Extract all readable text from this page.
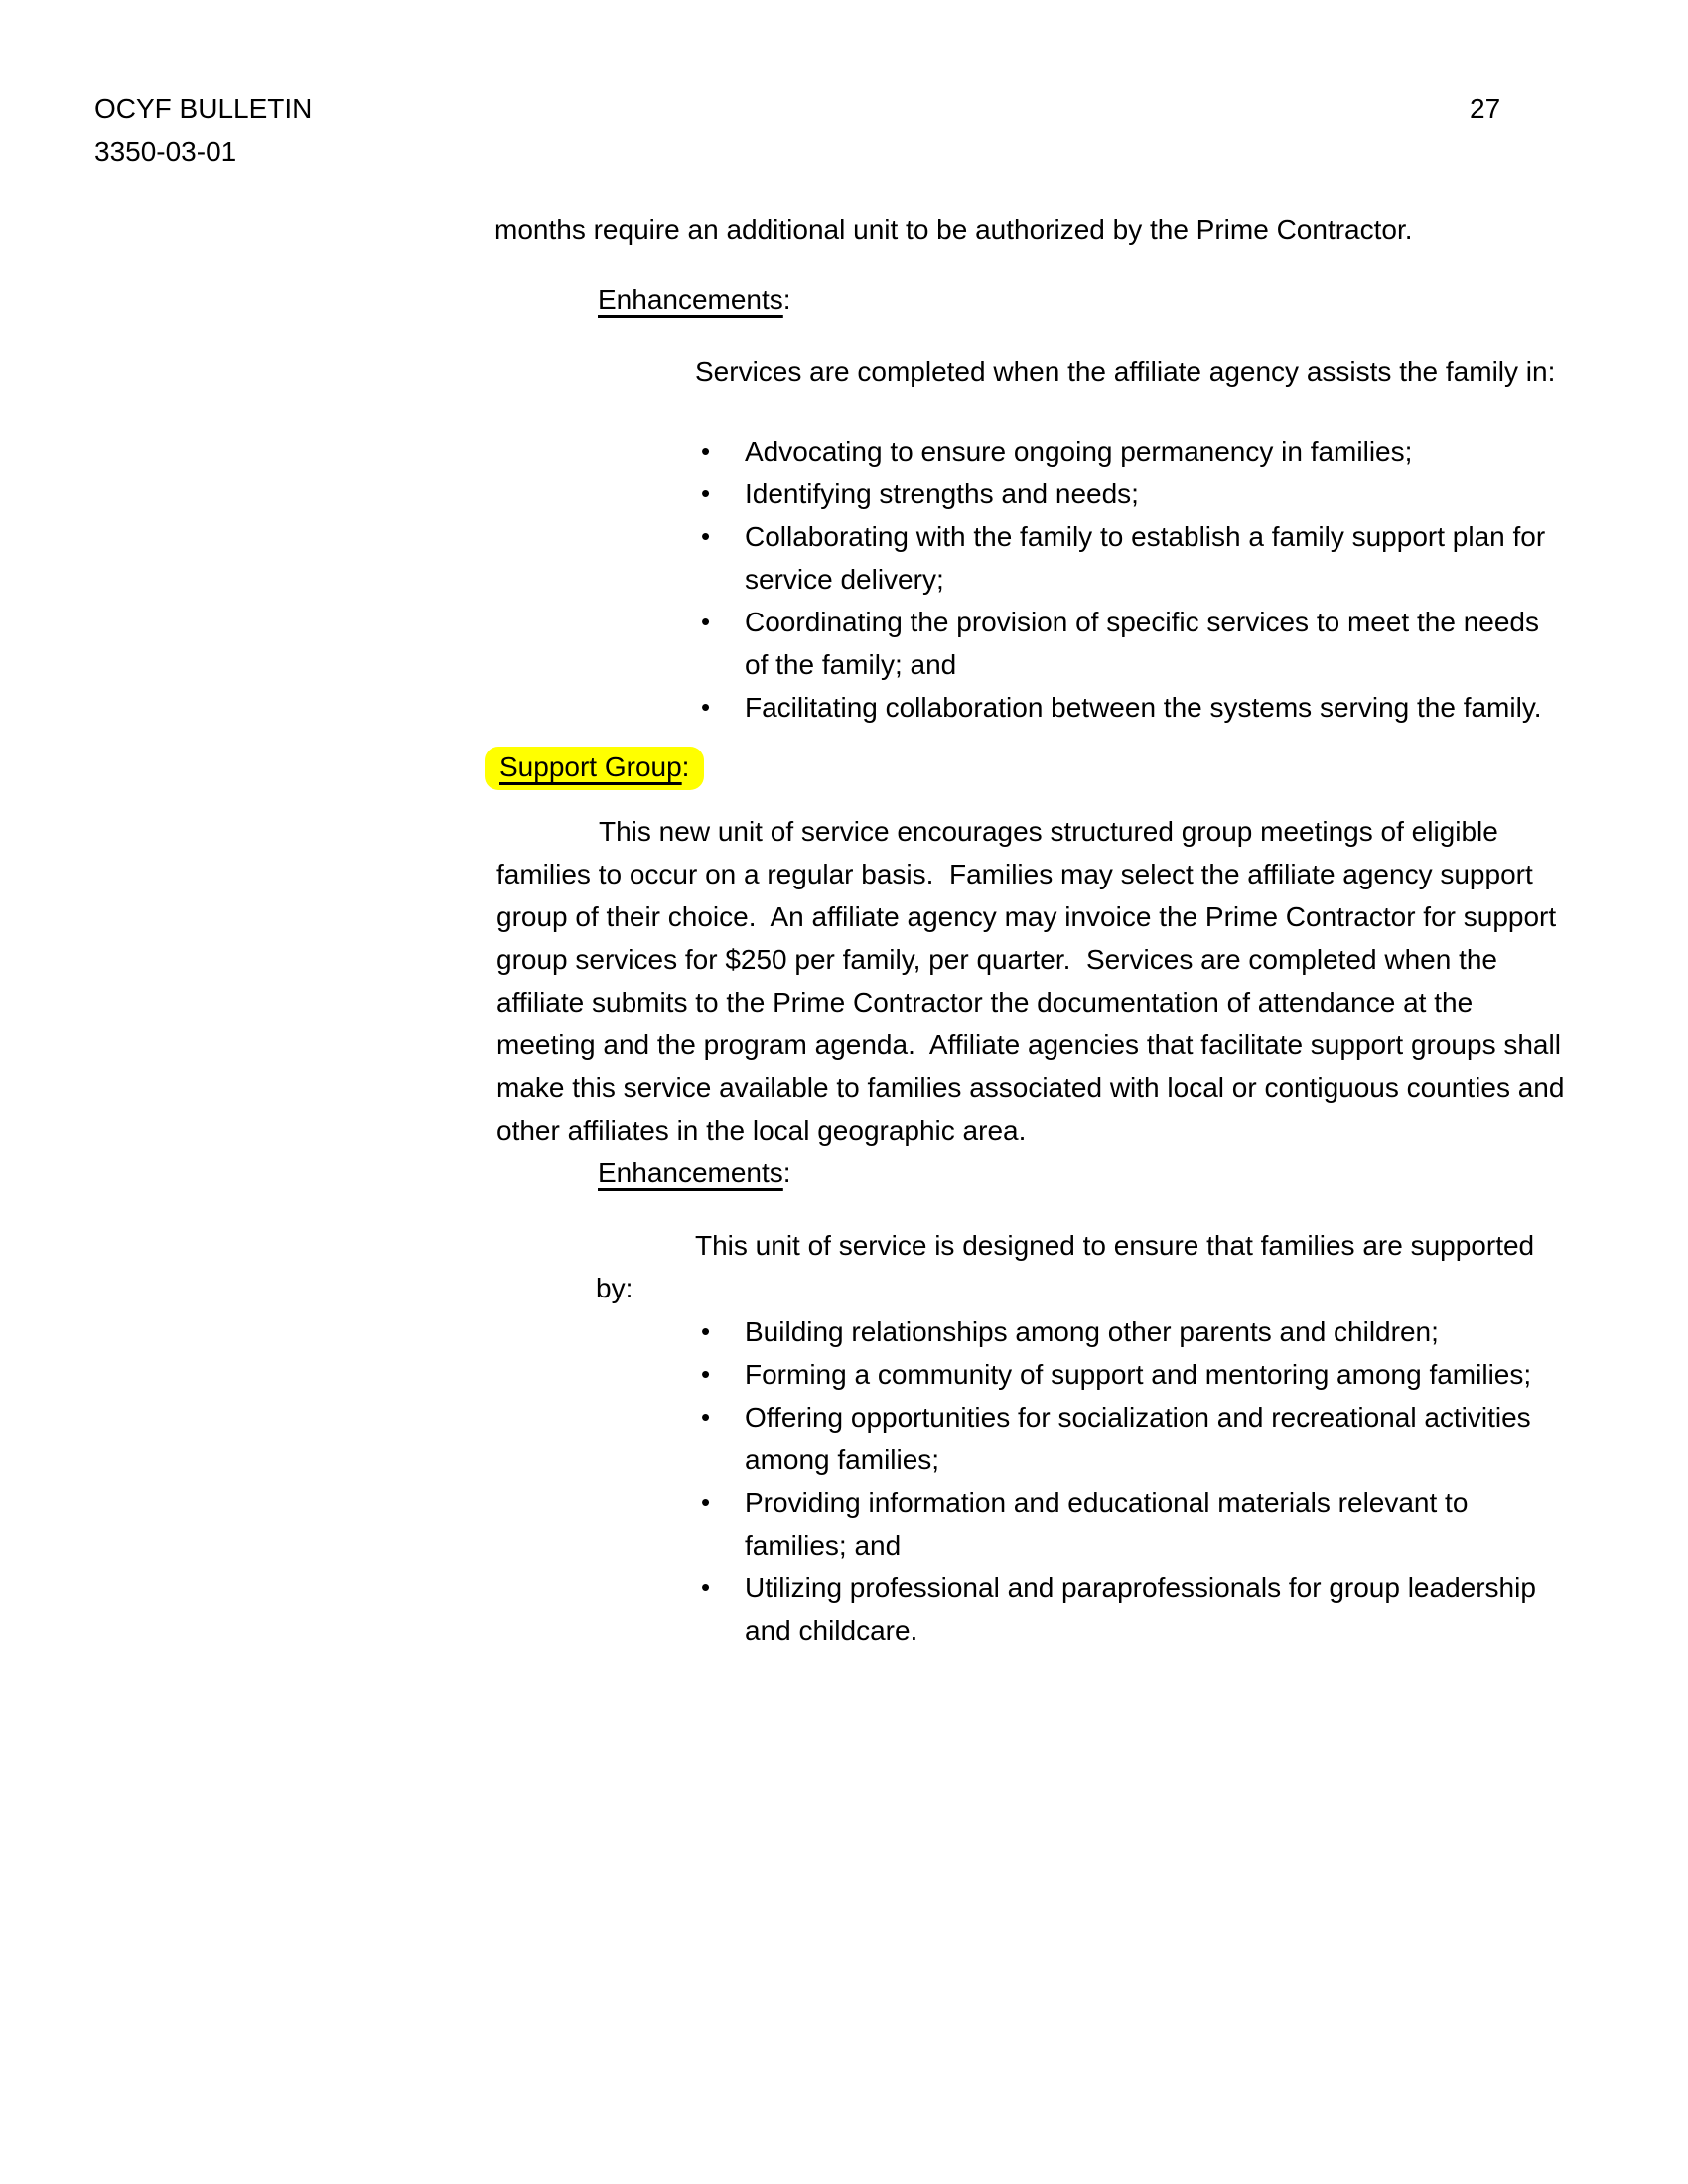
OCYF BULLETIN
3350-03-01
27

months require an additional unit to be authorized by the Prime Contractor.

Enhancements:

Services are completed when the affiliate agency assists the family in:

• Advocating to ensure ongoing permanency in families;
• Identifying strengths and needs;
• Collaborating with the family to establish a family support plan for service delivery;
• Coordinating the provision of specific services to meet the needs of the family; and
• Facilitating collaboration between the systems serving the family.
Support Group:

This new unit of service encourages structured group meetings of eligible families to occur on a regular basis.  Families may select the affiliate agency support group of their choice.  An affiliate agency may invoice the Prime Contractor for support group services for $250 per family, per quarter.  Services are completed when the affiliate submits to the Prime Contractor the documentation of attendance at the meeting and the program agenda.  Affiliate agencies that facilitate support groups shall make this service available to families associated with local or contiguous counties and other affiliates in the local geographic area.

Enhancements:

This unit of service is designed to ensure that families are supported by:

• Building relationships among other parents and children;
• Forming a community of support and mentoring among families;
• Offering opportunities for socialization and recreational activities among families;
• Providing information and educational materials relevant to families; and
• Utilizing professional and paraprofessionals for group leadership and childcare.
